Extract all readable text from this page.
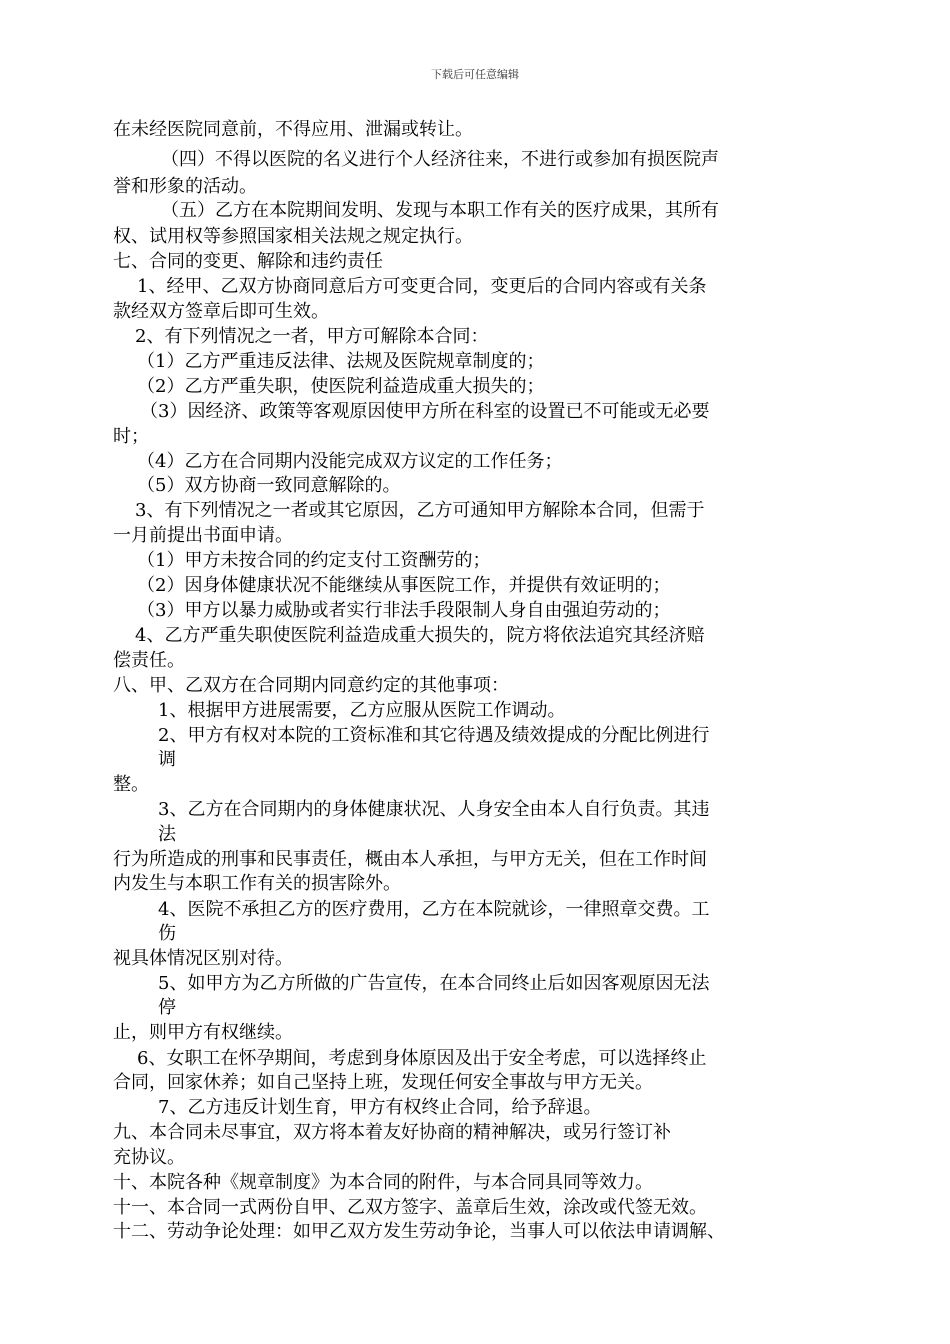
下载后可任意编辑
在未经医院同意前，不得应用、泄漏或转让。
（四）不得以医院的名义进行个人经济往来，不进行或参加有损医院声
誉和形象的活动。
（五）乙方在本院期间发明、发现与本职工作有关的医疗成果，其所有
权、试用权等参照国家相关法规之规定执行。
七、合同的变更、解除和违约责任
1、经甲、乙双方协商同意后方可变更合同，变更后的合同内容或有关条
款经双方签章后即可生效。
2、有下列情况之一者，甲方可解除本合同：
（1）乙方严重违反法律、法规及医院规章制度的；
（2）乙方严重失职，使医院利益造成重大损失的；
（3）因经济、政策等客观原因使甲方所在科室的设置已不可能或无必要
时；
（4）乙方在合同期内没能完成双方议定的工作任务；
（5）双方协商一致同意解除的。
3、有下列情况之一者或其它原因，乙方可通知甲方解除本合同，但需于
一月前提出书面申请。
（1）甲方未按合同的约定支付工资酬劳的；
（2）因身体健康状况不能继续从事医院工作，并提供有效证明的；
（3）甲方以暴力威胁或者实行非法手段限制人身自由强迫劳动的；
4、乙方严重失职使医院利益造成重大损失的，院方将依法追究其经济赔
偿责任。
八、甲、乙双方在合同期内同意约定的其他事项：
1、根据甲方进展需要，乙方应服从医院工作调动。
2、甲方有权对本院的工资标准和其它待遇及绩效提成的分配比例进行
调
整。
3、乙方在合同期内的身体健康状况、人身安全由本人自行负责。其违
法
行为所造成的刑事和民事责任，概由本人承担，与甲方无关，但在工作时间
内发生与本职工作有关的损害除外。
4、医院不承担乙方的医疗费用，乙方在本院就诊，一律照章交费。工
伤
视具体情况区别对待。
5、如甲方为乙方所做的广告宣传，在本合同终止后如因客观原因无法
停
止，则甲方有权继续。
6、女职工在怀孕期间，考虑到身体原因及出于安全考虑，可以选择终止
合同，回家休养；如自己坚持上班，发现任何安全事故与甲方无关。
7、乙方违反计划生育，甲方有权终止合同，给予辞退。
九、本合同未尽事宜，双方将本着友好协商的精神解决，或另行签订补
充协议。
十、本院各种《规章制度》为本合同的附件，与本合同具同等效力。
十一、本合同一式两份自甲、乙双方签字、盖章后生效，涂改或代签无效。
十二、劳动争论处理：如甲乙双方发生劳动争论，当事人可以依法申请调解、
